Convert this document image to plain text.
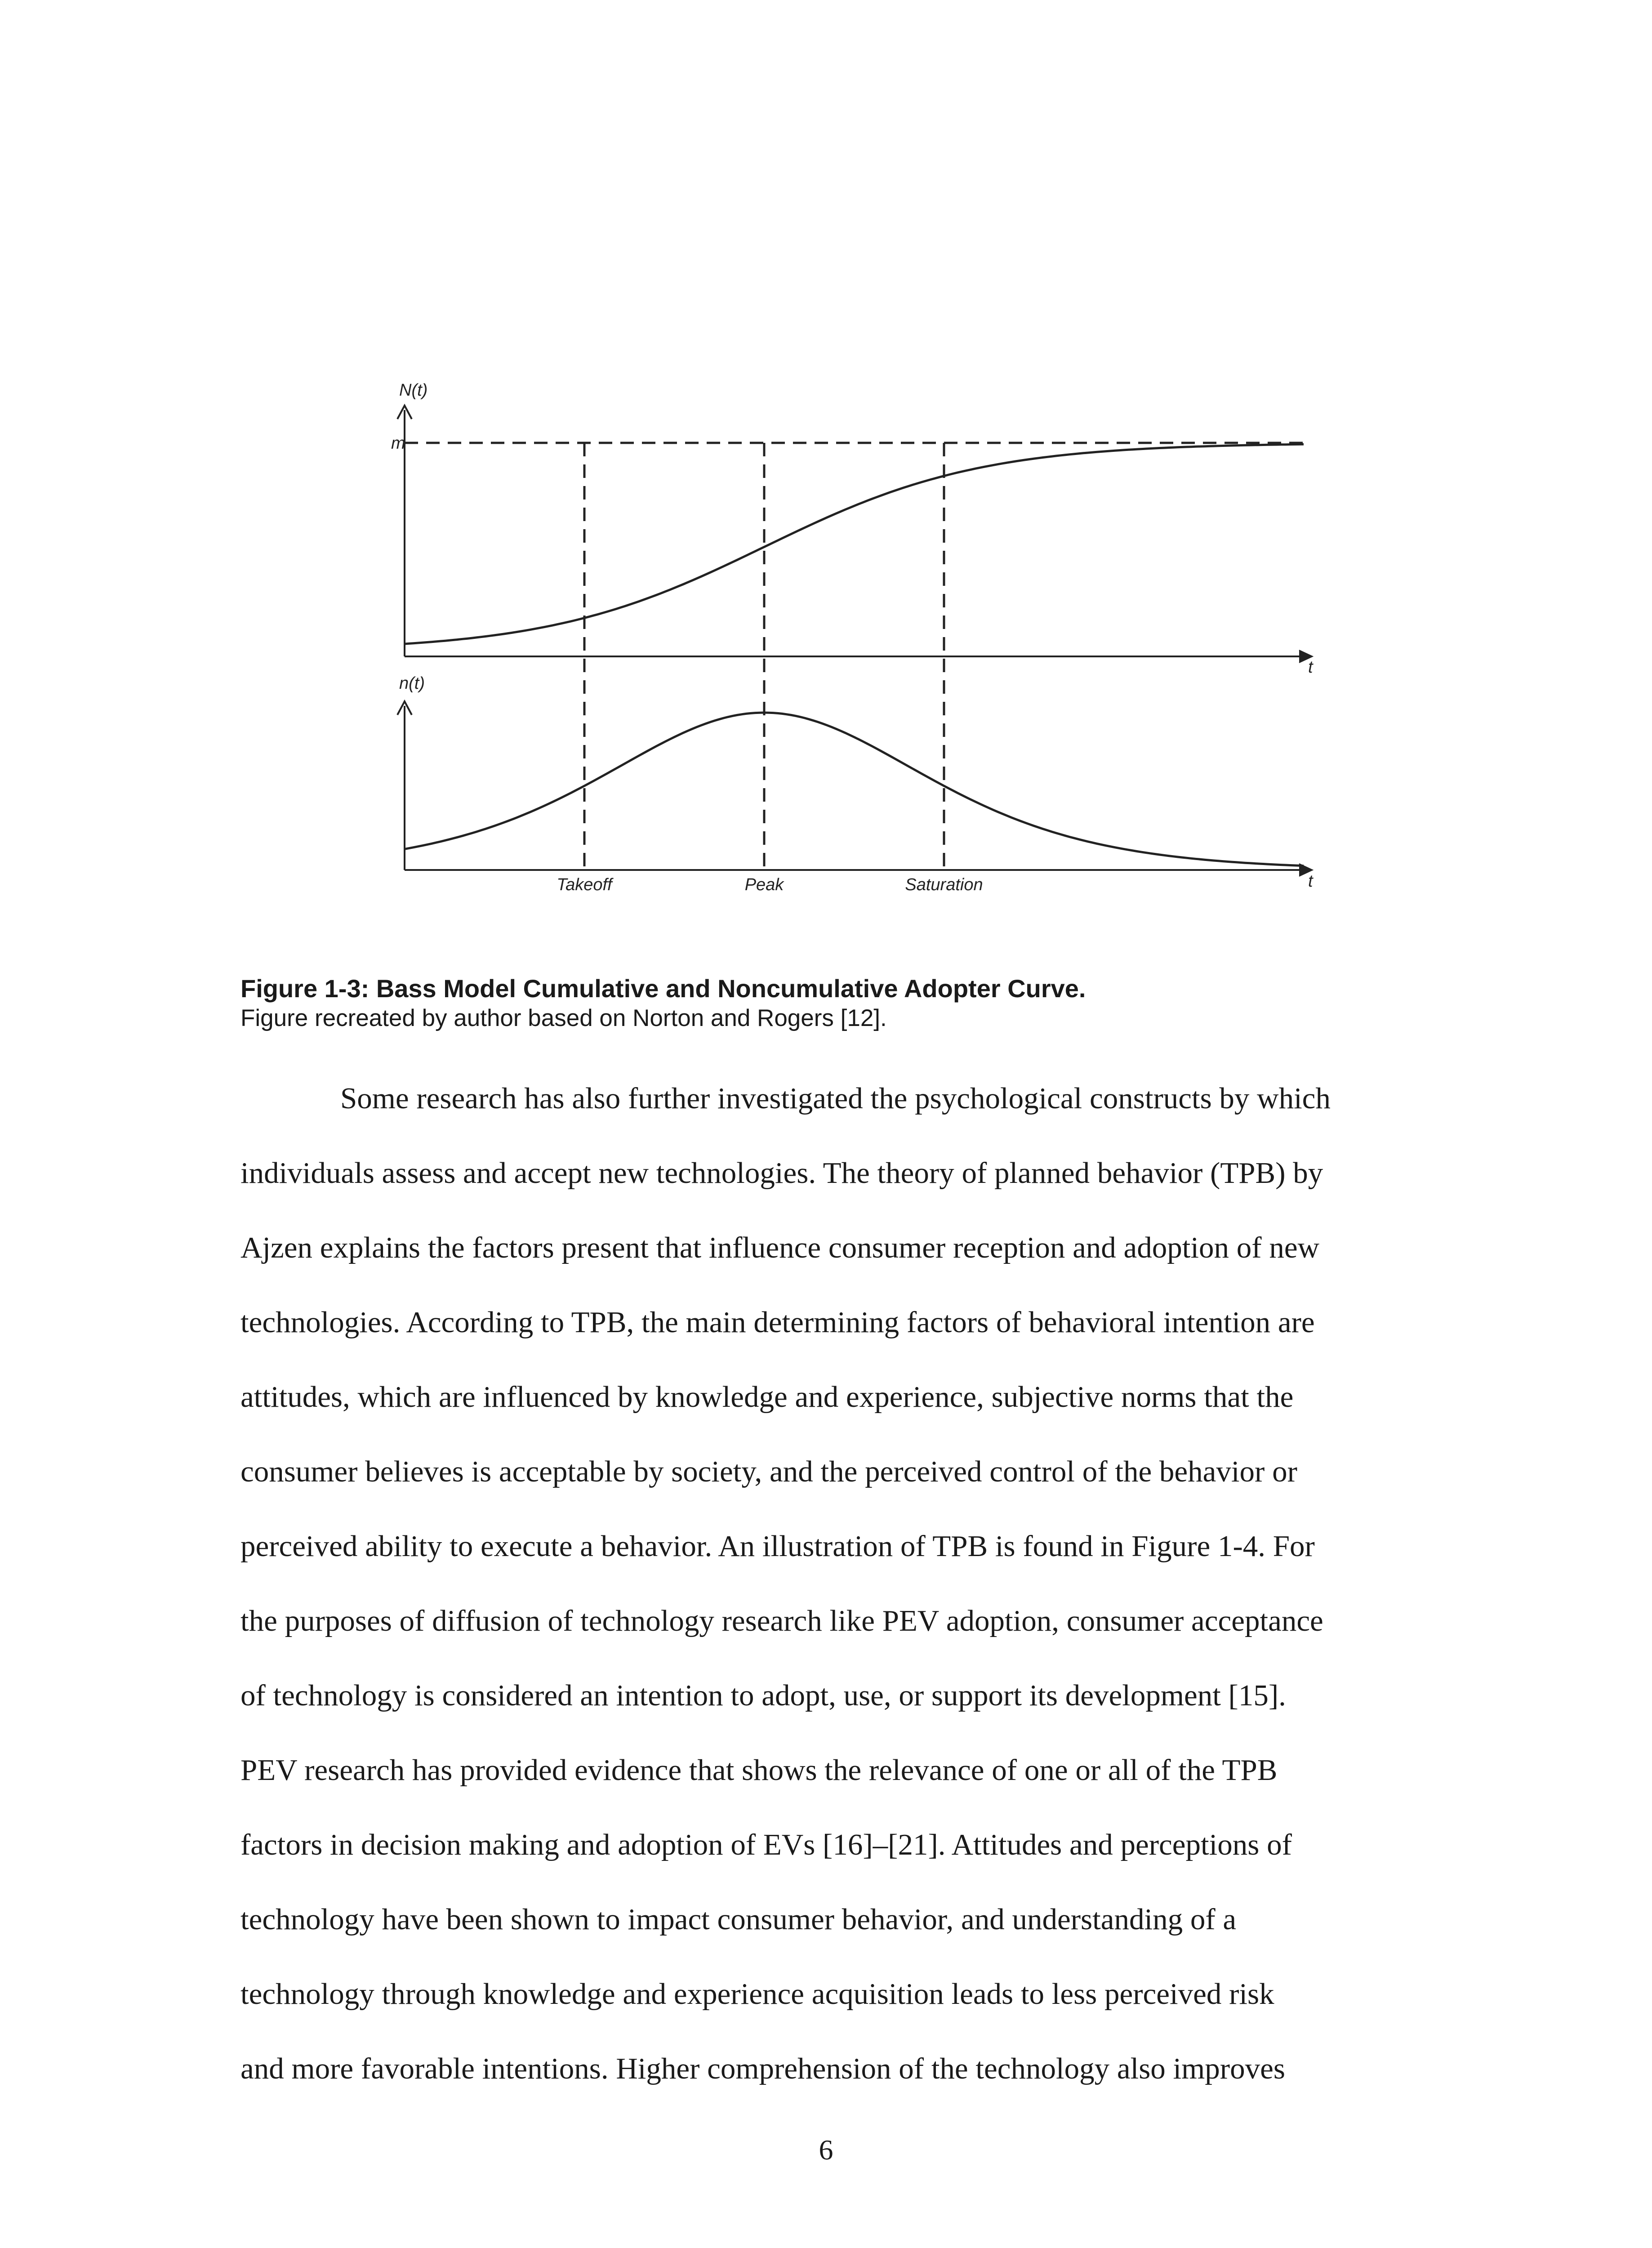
N(t)
m
t
n(t)
t
Takeoff	Peak	Saturation
Figure 1-3: Bass Model Cumulative and Noncumulative Adopter Curve.
Figure recreated by author based on Norton and Rogers [12].
Some research has also further investigated the psychological constructs by which
individuals assess and accept new technologies. The theory of planned behavior (TPB) by
Ajzen explains the factors present that influence consumer reception and adoption of new
technologies. According to TPB, the main determining factors of behavioral intention are
attitudes, which are influenced by knowledge and experience, subjective norms that the
consumer believes is acceptable by society, and the perceived control of the behavior or
perceived ability to execute a behavior. An illustration of TPB is found in Figure 1-4. For
the purposes of diffusion of technology research like PEV adoption, consumer acceptance
of technology is considered an intention to adopt, use, or support its development [15].
PEV research has provided evidence that shows the relevance of one or all of the TPB
factors in decision making and adoption of EVs [16]–[21]. Attitudes and perceptions of
technology have been shown to impact consumer behavior, and understanding of a
technology through knowledge and experience acquisition leads to less perceived risk
and more favorable intentions. Higher comprehension of the technology also improves
6
